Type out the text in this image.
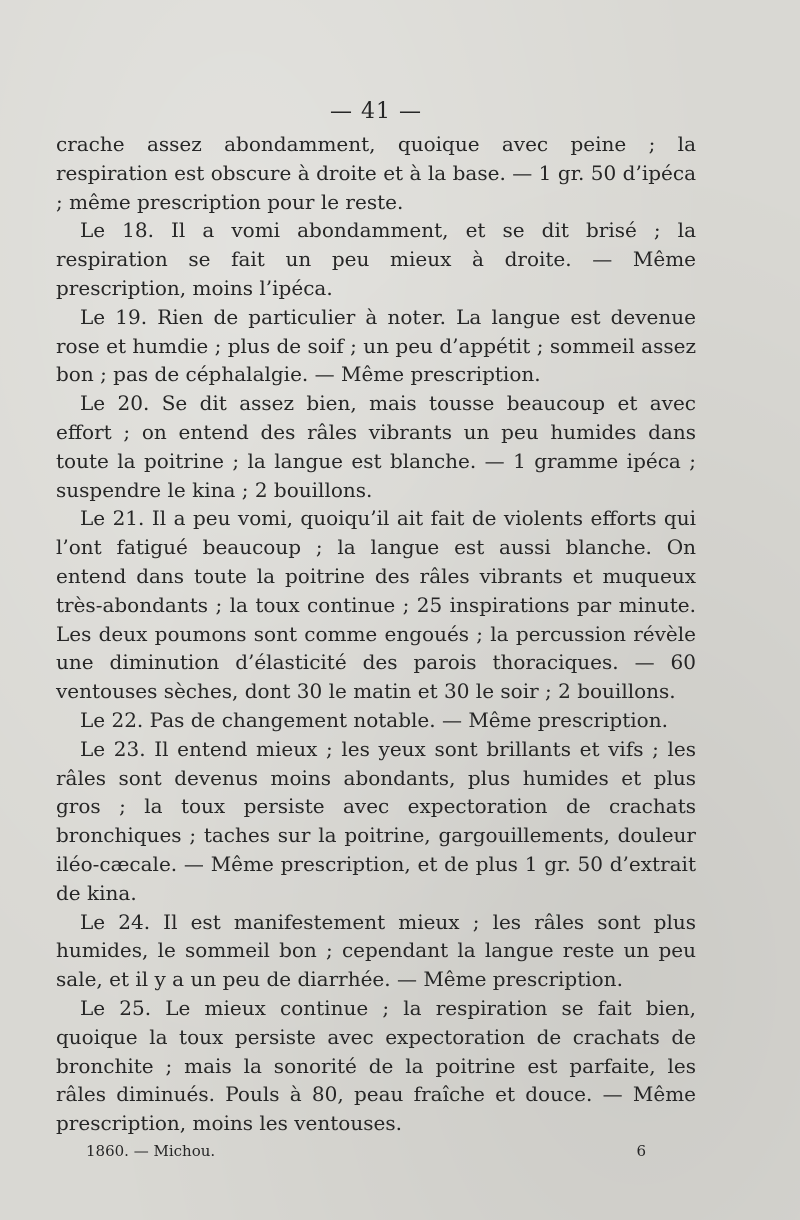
— 41 —

crache assez abondamment, quoique avec peine ; la respiration est obscure à droite et à la base. — 1 gr. 50 d’ipéca ; même prescription pour le reste.

Le 18. Il a vomi abondamment, et se dit brisé ; la respiration se fait un peu mieux à droite. — Même prescription, moins l’ipéca.

Le 19. Rien de particulier à noter. La langue est devenue rose et humdie ; plus de soif ; un peu d’appétit ; sommeil assez bon ; pas de céphalalgie. — Même prescription.

Le 20. Se dit assez bien, mais tousse beaucoup et avec effort ; on entend des râles vibrants un peu humides dans toute la poitrine ; la langue est blanche. — 1 gramme ipéca ; suspendre le kina ; 2 bouillons.

Le 21. Il a peu vomi, quoiqu’il ait fait de violents efforts qui l’ont fatigué beaucoup ; la langue est aussi blanche. On entend dans toute la poitrine des râles vibrants et muqueux très-abondants ; la toux continue ; 25 inspirations par minute. Les deux poumons sont comme engoués ; la percussion révèle une diminution d’élasticité des parois thoraciques. — 60 ventouses sèches, dont 30 le matin et 30 le soir ; 2 bouillons.

Le 22. Pas de changement notable. — Même prescription.

Le 23. Il entend mieux ; les yeux sont brillants et vifs ; les râles sont devenus moins abondants, plus humides et plus gros ; la toux persiste avec expectoration de crachats bronchiques ; taches sur la poitrine, gargouillements, douleur iléo-cæcale. — Même prescription, et de plus 1 gr. 50 d’extrait de kina.

Le 24. Il est manifestement mieux ; les râles sont plus humides, le sommeil bon ; cependant la langue reste un peu sale, et il y a un peu de diarrhée. — Même prescription.

Le 25. Le mieux continue ; la respiration se fait bien, quoique la toux persiste avec expectoration de crachats de bronchite ; mais la sonorité de la poitrine est parfaite, les râles diminués. Pouls à 80, peau fraîche et douce. — Même prescription, moins les ventouses.

1860. — Michou.	6
